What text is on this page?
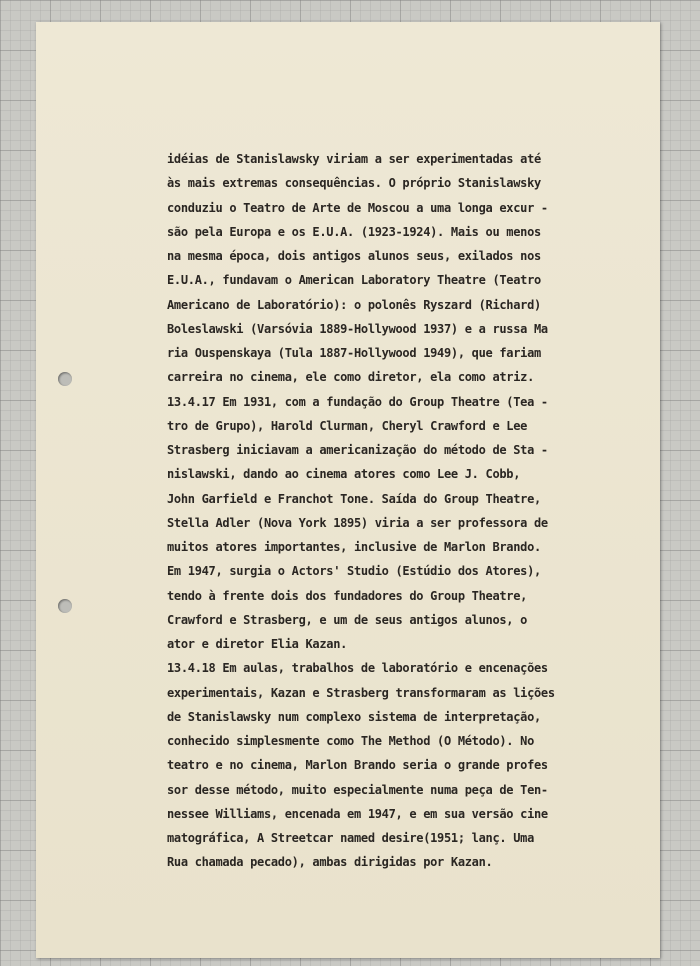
idéias de Stanislawsky viriam a ser experimentadas até
às mais extremas consequências. O próprio Stanislawsky
conduziu o Teatro de Arte de Moscou a uma longa excur -
são pela Europa e os E.U.A. (1923-1924). Mais ou menos
na mesma época, dois antigos alunos seus, exilados nos
E.U.A., fundavam o American Laboratory Theatre (Teatro
Americano de Laboratório): o polonês Ryszard (Richard)
Boleslawski (Varsóvia 1889-Hollywood 1937) e a russa Ma
ria Ouspenskaya (Tula 1887-Hollywood 1949), que fariam
carreira no cinema, ele como diretor, ela como atriz.
13.4.17 Em 1931, com a fundação do Group Theatre (Tea -
tro de Grupo), Harold Clurman, Cheryl Crawford e Lee
Strasberg iniciavam a americanização do método de Sta -
nislawski, dando ao cinema atores como Lee J. Cobb,
John Garfield e Franchot Tone. Saída do Group Theatre,
Stella Adler (Nova York 1895) viria a ser professora de
muitos atores importantes, inclusive de Marlon Brando.
Em 1947, surgia o Actors' Studio (Estúdio dos Atores),
tendo à frente dois dos fundadores do Group Theatre,
Crawford e Strasberg, e um de seus antigos alunos, o
ator e diretor Elia Kazan.
13.4.18 Em aulas, trabalhos de laboratório e encenações
experimentais, Kazan e Strasberg transformaram as lições
de Stanislawsky num complexo sistema de interpretação,
conhecido simplesmente como The Method (O Método). No
teatro e no cinema, Marlon Brando seria o grande profes
sor desse método, muito especialmente numa peça de Ten-
nessee Williams, encenada em 1947, e em sua versão cine
matográfica, A Streetcar named desire(1951; lanç. Uma
Rua chamada pecado), ambas dirigidas por Kazan.
